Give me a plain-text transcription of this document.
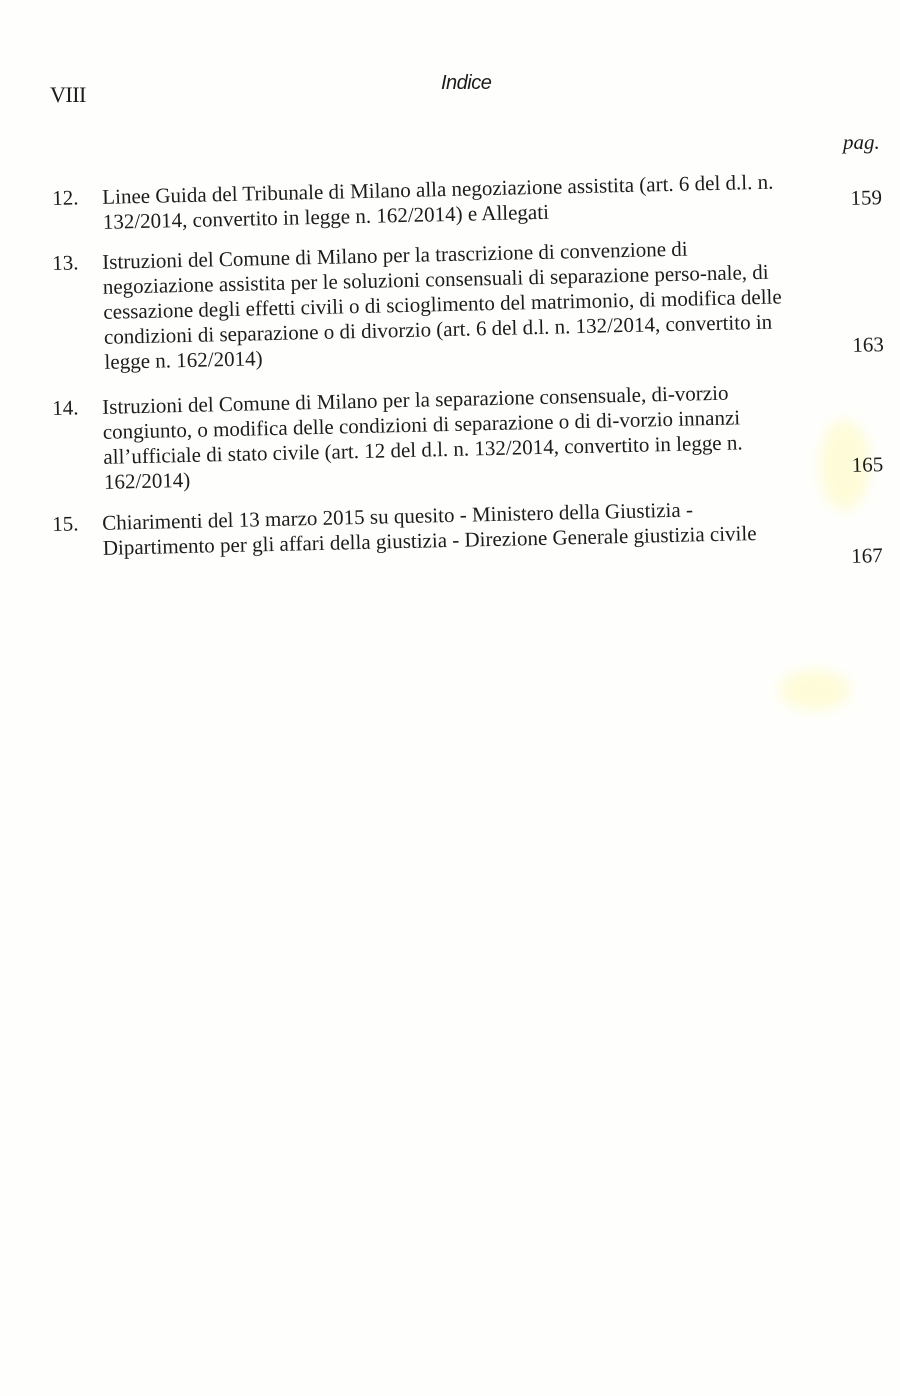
VIII	Indice
pag.
12.	Linee Guida del Tribunale di Milano alla negoziazione assistita (art. 6 del d.l. n. 132/2014, convertito in legge n. 162/2014) e Allegati
159
13.	Istruzioni del Comune di Milano per la trascrizione di convenzione di negoziazione assistita per le soluzioni consensuali di separazione perso-nale, di cessazione degli effetti civili o di scioglimento del matrimonio, di modifica delle condizioni di separazione o di divorzio (art. 6 del d.l. n. 132/2014, convertito in legge n. 162/2014)
163
14.	Istruzioni del Comune di Milano per la separazione consensuale, di-vorzio congiunto, o modifica delle condizioni di separazione o di di-vorzio innanzi all’ufficiale di stato civile (art. 12 del d.l. n. 132/2014, convertito in legge n. 162/2014)
165
15.	Chiarimenti del 13 marzo 2015 su quesito - Ministero della Giustizia - Dipartimento per gli affari della giustizia - Direzione Generale giustizia civile	167
